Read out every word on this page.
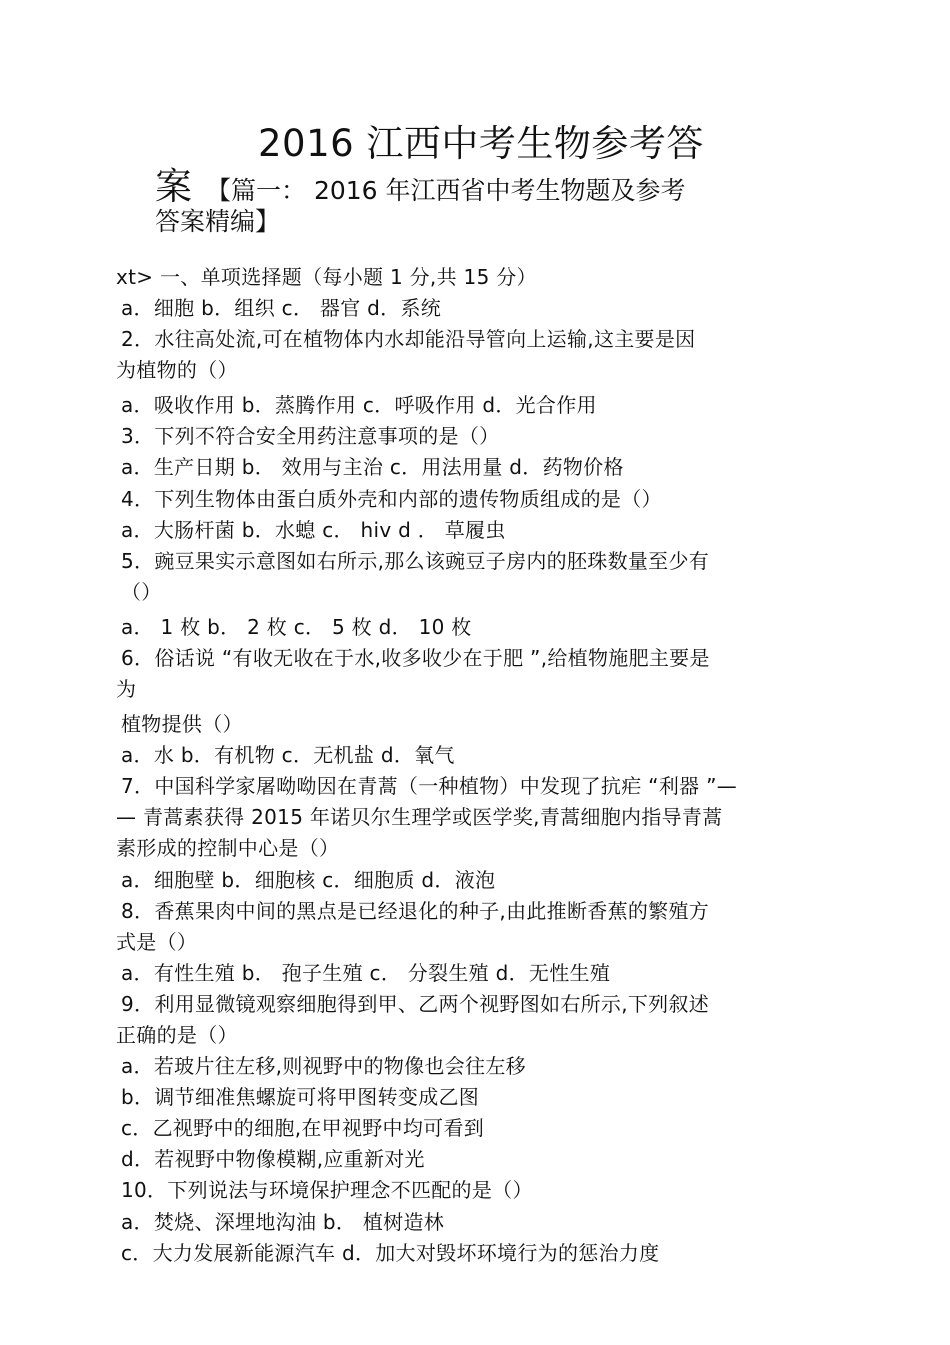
2016 江西中考生物参考答
案 【篇一： 2016 年江西省中考生物题及参考
答案精编】
xt> 一、单项选择题（每小题 1 分,共 15 分）
a．细胞 b．组织 c． 器官 d．系统
2．水往高处流,可在植物体内水却能沿导管向上运输,这主要是因
为植物的（）
a．吸收作用 b．蒸腾作用 c．呼吸作用 d．光合作用
3．下列不符合安全用药注意事项的是（）
a．生产日期 b． 效用与主治 c．用法用量 d．药物价格
4．下列生物体由蛋白质外壳和内部的遗传物质组成的是（）
a．大肠杆菌 b．水螅 c． hiv d ． 草履虫
5．豌豆果实示意图如右所示,那么该豌豆子房内的胚珠数量至少有
（）
a． 1 枚 b． 2 枚 c． 5 枚 d． 10 枚
6．俗话说 “有收无收在于水,收多收少在于肥 ”,给植物施肥主要是
为
植物提供（）
a．水 b．有机物 c．无机盐 d．氧气
7．中国科学家屠呦呦因在青蒿（一种植物）中发现了抗疟 “利器 ”—
— 青蒿素获得 2015 年诺贝尔生理学或医学奖,青蒿细胞内指导青蒿
素形成的控制中心是（）
a．细胞壁 b．细胞核 c．细胞质 d．液泡
8．香蕉果肉中间的黑点是已经退化的种子,由此推断香蕉的繁殖方
式是（）
a．有性生殖 b． 孢子生殖 c． 分裂生殖 d．无性生殖
9．利用显微镜观察细胞得到甲、乙两个视野图如右所示,下列叙述
正确的是（）
a．若玻片往左移,则视野中的物像也会往左移
b．调节细准焦螺旋可将甲图转变成乙图
c．乙视野中的细胞,在甲视野中均可看到
d．若视野中物像模糊,应重新对光
10．下列说法与环境保护理念不匹配的是（）
a．焚烧、深埋地沟油 b． 植树造林
c．大力发展新能源汽车 d．加大对毁坏环境行为的惩治力度
